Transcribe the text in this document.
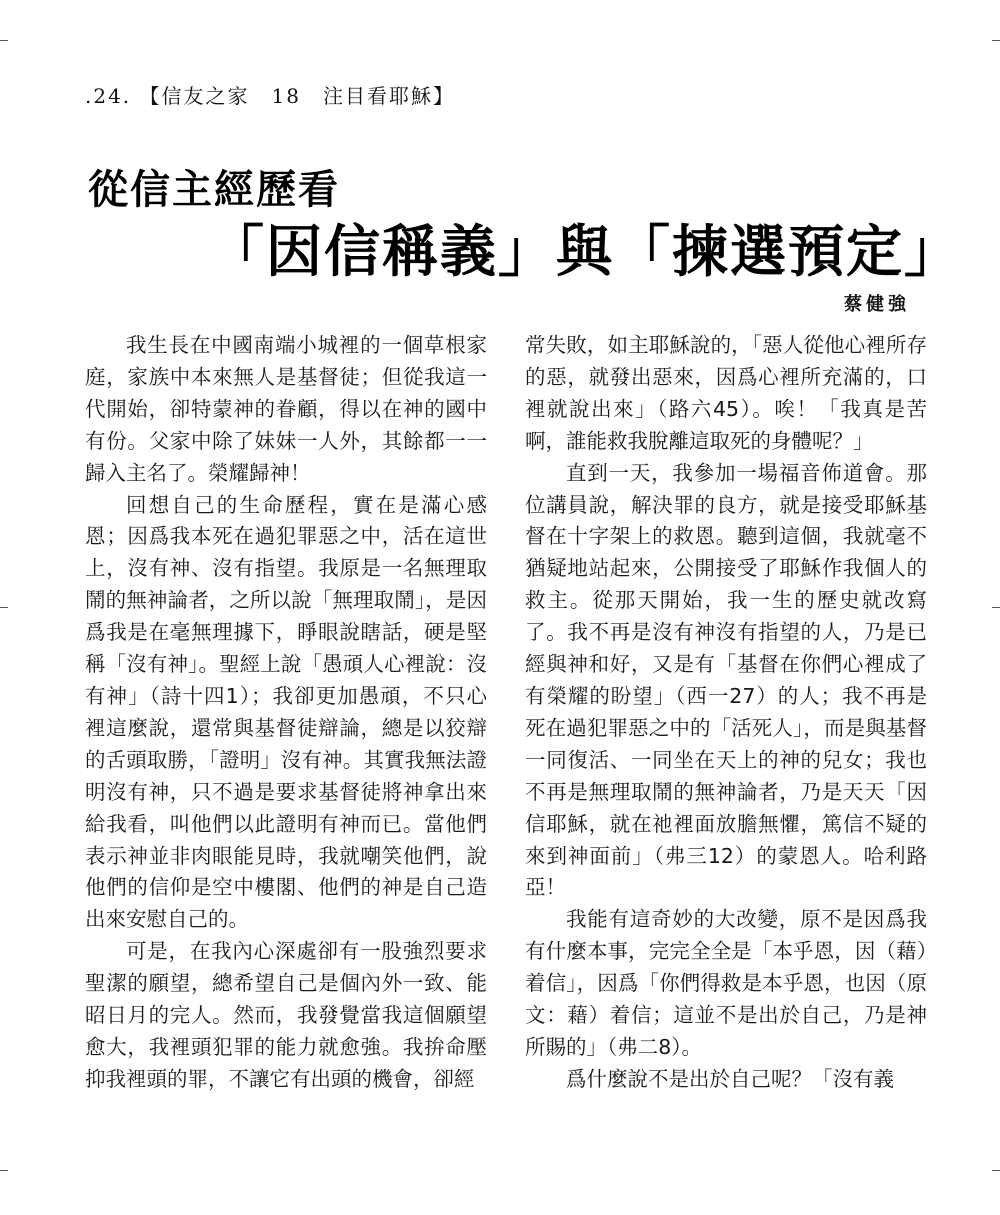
.24. 【信友之家　18　注目看耶穌】
從信主經歷看
「因信稱義」與「揀選預定」
蔡健強

我生長在中國南端小城裡的一個草根家庭，家族中本來無人是基督徒；但從我這一代開始，卻特蒙神的眷顧，得以在神的國中有份。父家中除了妹妹一人外，其餘都一一歸入主名了。榮耀歸神！

回想自己的生命歷程，實在是滿心感恩；因爲我本死在過犯罪惡之中，活在這世上，沒有神、沒有指望。我原是一名無理取鬧的無神論者，之所以說「無理取鬧」，是因爲我是在毫無理據下，睜眼說瞎話，硬是堅稱「沒有神」。聖經上說「愚頑人心裡說：沒有神」（詩十四1）；我卻更加愚頑，不只心裡這麼說，還常與基督徒辯論，總是以狡辯的舌頭取勝，「證明」沒有神。其實我無法證明沒有神，只不過是要求基督徒將神拿出來給我看，叫他們以此證明有神而已。當他們表示神並非肉眼能見時，我就嘲笑他們，說他們的信仰是空中樓閣、他們的神是自己造出來安慰自己的。

可是，在我內心深處卻有一股強烈要求聖潔的願望，總希望自己是個內外一致、能昭日月的完人。然而，我發覺當我這個願望愈大，我裡頭犯罪的能力就愈強。我拚命壓抑我裡頭的罪，不讓它有出頭的機會，卻經

常失敗，如主耶穌說的，「惡人從他心裡所存的惡，就發出惡來，因爲心裡所充滿的，口裡就說出來」（路六45）。唉！「我真是苦啊，誰能救我脫離這取死的身體呢？」

直到一天，我參加一場福音佈道會。那位講員說，解決罪的良方，就是接受耶穌基督在十字架上的救恩。聽到這個，我就毫不猶疑地站起來，公開接受了耶穌作我個人的救主。從那天開始，我一生的歷史就改寫了。我不再是沒有神沒有指望的人，乃是已經與神和好，又是有「基督在你們心裡成了有榮耀的盼望」（西一27）的人；我不再是死在過犯罪惡之中的「活死人」，而是與基督一同復活、一同坐在天上的神的兒女；我也不再是無理取鬧的無神論者，乃是天天「因信耶穌，就在祂裡面放膽無懼，篤信不疑的來到神面前」（弗三12）的蒙恩人。哈利路亞！

我能有這奇妙的大改變，原不是因爲我有什麼本事，完完全全是「本乎恩，因（藉）着信」，因爲「你們得救是本乎恩，也因（原文：藉）着信；這並不是出於自己，乃是神所賜的」（弗二8）。

爲什麼說不是出於自己呢？「沒有義
